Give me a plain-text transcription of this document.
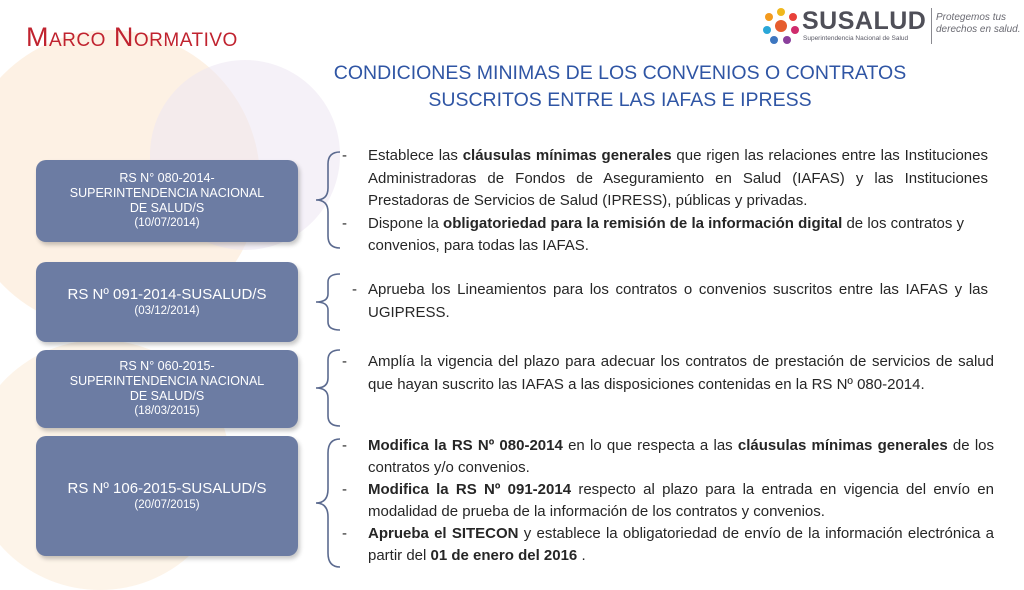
Marco Normativo
SUSALUD
Superintendencia Nacional de Salud
Protegemos tus
derechos en salud.
CONDICIONES MINIMAS DE LOS CONVENIOS O CONTRATOS
SUSCRITOS ENTRE LAS IAFAS E IPRESS
RS N° 080-2014-
SUPERINTENDENCIA NACIONAL
DE SALUD/S
(10/07/2014)
-	Establece las cláusulas mínimas generales que rigen las relaciones entre las Instituciones Administradoras de Fondos de Aseguramiento en Salud (IAFAS) y las Instituciones Prestadoras de Servicios de Salud (IPRESS), públicas y privadas.
-	Dispone la obligatoriedad para la remisión de la información digital de los contratos y convenios, para todas las IAFAS.
RS Nº 091-2014-SUSALUD/S
(03/12/2014)
- Aprueba los Lineamientos para los contratos o convenios suscritos entre las IAFAS y las UGIPRESS.
RS N° 060-2015-
SUPERINTENDENCIA NACIONAL
DE SALUD/S
(18/03/2015)
-	Amplía la vigencia del plazo para adecuar los contratos de prestación de servicios de salud que hayan suscrito las IAFAS a las disposiciones contenidas en la RS Nº 080-2014.
RS Nº 106-2015-SUSALUD/S
(20/07/2015)
-	Modifica la RS Nº 080-2014 en lo que respecta a las cláusulas mínimas generales de los contratos y/o convenios.
-	Modifica la RS Nº 091-2014 respecto al plazo para la entrada en vigencia del envío en modalidad de prueba de la información de los contratos y convenios.
-	Aprueba el SITECON y establece la obligatoriedad de envío de la información electrónica a partir del 01 de enero del 2016 .
